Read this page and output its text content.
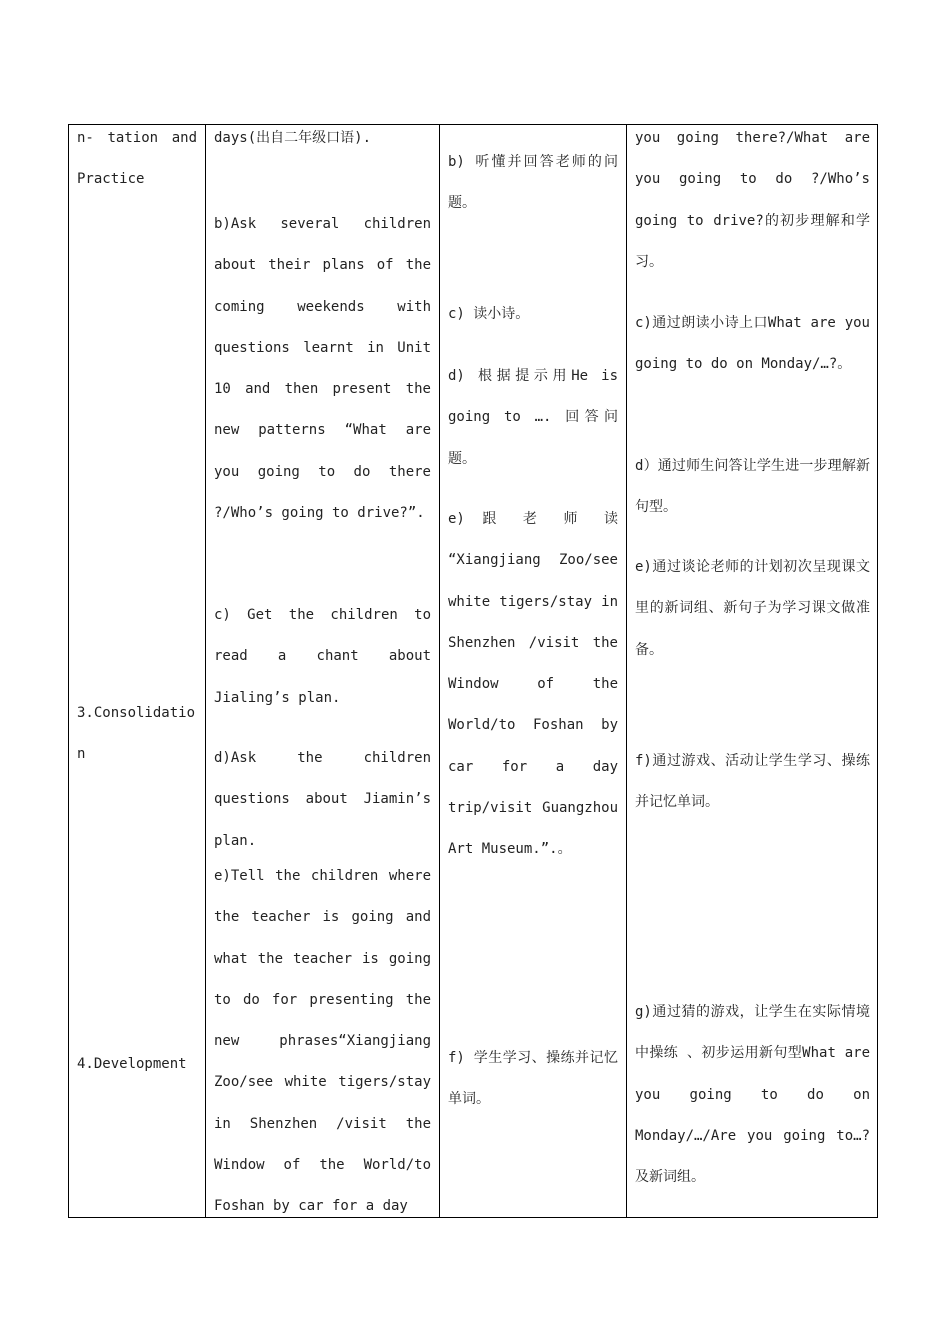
n- tation and Practice
3.Consolidation
4.Development
days(出自二年级口语).
b)Ask several children about their plans of the coming weekends with questions learnt in Unit 10 and then present the new patterns “What are you going to do there ?/Who’s going to drive?”.
c) Get the children to read a chant about Jialing’s plan.
d)Ask the children questions about Jiamin’s plan.
e)Tell the children where the teacher is going and what the teacher is going to do for presenting the new phrases“Xiangjiang Zoo/see white tigers/stay in Shenzhen /visit the Window of the World/to Foshan by car for a day
b) 听懂并回答老师的问题。
c) 读小诗。
d) 根据提示用He is going to …. 回答问题。
e) 跟 老 师 读 “Xiangjiang Zoo/see white tigers/stay in Shenzhen /visit the Window of the World/to Foshan by car for a day trip/visit Guangzhou Art Museum.”.。
f) 学生学习、操练并记忆单词。
you going there?/What are you going to do ?/Who’s going to drive?的初步理解和学习。
c)通过朗读小诗上口What are you going to do on Monday/…?。
d）通过师生问答让学生进一步理解新句型。
e)通过谈论老师的计划初次呈现课文里的新词组、新句子为学习课文做准备。
f)通过游戏、活动让学生学习、操练并记忆单词。
g)通过猜的游戏，让学生在实际情境中操练 、初步运用新句型What are you going to do on Monday/…/Are you going to…?及新词组。
